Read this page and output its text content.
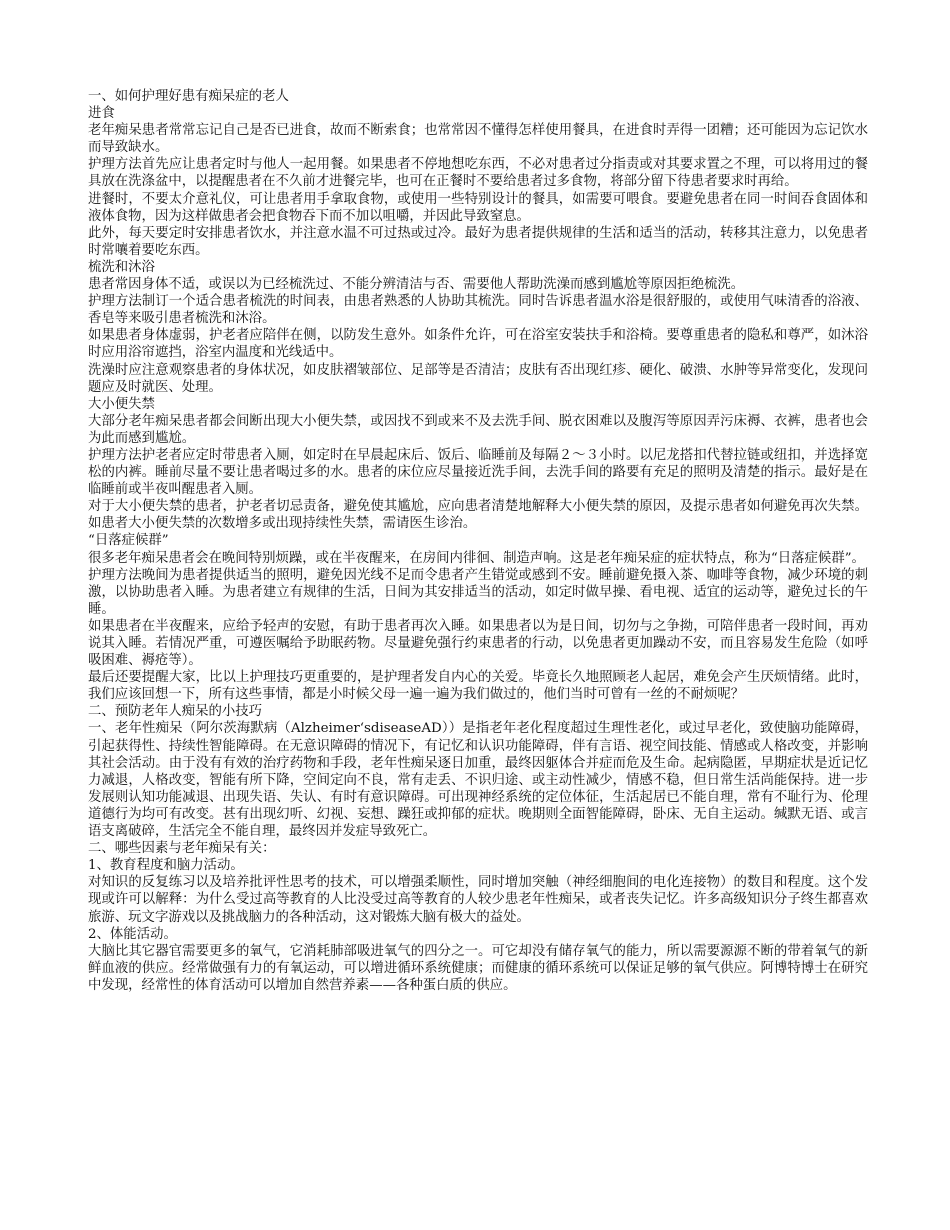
一、如何护理好患有痴呆症的老人
进食

老年痴呆患者常常忘记自己是否已进食，故而不断索食；也常常因不懂得怎样使用餐具，在进食时弄得一团糟；还可能因为忘记饮水而导致缺水。

护理方法首先应让患者定时与他人一起用餐。如果患者不停地想吃东西，不必对患者过分指责或对其要求置之不理，可以将用过的餐具放在洗涤盆中，以提醒患者在不久前才进餐完毕，也可在正餐时不要给患者过多食物，将部分留下待患者要求时再给。

进餐时，不要太介意礼仪，可让患者用手拿取食物，或使用一些特别设计的餐具，如需要可喂食。要避免患者在同一时间吞食固体和液体食物，因为这样做患者会把食物吞下而不加以咀嚼，并因此导致窒息。

此外，每天要定时安排患者饮水，并注意水温不可过热或过冷。最好为患者提供规律的生活和适当的活动，转移其注意力，以免患者时常嚷着要吃东西。

梳洗和沐浴

患者常因身体不适，或误以为已经梳洗过、不能分辨清洁与否、需要他人帮助洗澡而感到尴尬等原因拒绝梳洗。

护理方法制订一个适合患者梳洗的时间表，由患者熟悉的人协助其梳洗。同时告诉患者温水浴是很舒服的，或使用气味清香的浴液、香皂等来吸引患者梳洗和沐浴。

如果患者身体虚弱，护老者应陪伴在侧，以防发生意外。如条件允许，可在浴室安装扶手和浴椅。要尊重患者的隐私和尊严，如沐浴时应用浴帘遮挡，浴室内温度和光线适中。

洗澡时应注意观察患者的身体状况，如皮肤褶皱部位、足部等是否清洁；皮肤有否出现红疹、硬化、破溃、水肿等异常变化，发现问题应及时就医、处理。

大小便失禁

大部分老年痴呆患者都会间断出现大小便失禁，或因找不到或来不及去洗手间、脱衣困难以及腹泻等原因弄污床褥、衣裤，患者也会为此而感到尴尬。

护理方法护老者应定时带患者入厕，如定时在早晨起床后、饭后、临睡前及每隔２～３小时。以尼龙搭扣代替拉链或纽扣，并选择宽松的内裤。睡前尽量不要让患者喝过多的水。患者的床位应尽量接近洗手间，去洗手间的路要有充足的照明及清楚的指示。最好是在临睡前或半夜叫醒患者入厕。

对于大小便失禁的患者，护老者切忌责备，避免使其尴尬，应向患者清楚地解释大小便失禁的原因，及提示患者如何避免再次失禁。如患者大小便失禁的次数增多或出现持续性失禁，需请医生诊治。

“日落症候群”

很多老年痴呆患者会在晚间特别烦躁，或在半夜醒来，在房间内徘徊、制造声响。这是老年痴呆症的症状特点，称为“日落症候群”。

护理方法晚间为患者提供适当的照明，避免因光线不足而令患者产生错觉或感到不安。睡前避免摄入茶、咖啡等食物，减少环境的刺激，以协助患者入睡。为患者建立有规律的生活，日间为其安排适当的活动，如定时做早操、看电视、适宜的运动等，避免过长的午睡。

如果患者在半夜醒来，应给予轻声的安慰，有助于患者再次入睡。如果患者以为是日间，切勿与之争拗，可陪伴患者一段时间，再劝说其入睡。若情况严重，可遵医嘱给予助眠药物。尽量避免强行约束患者的行动，以免患者更加躁动不安，而且容易发生危险（如呼吸困难、褥疮等）。

最后还要提醒大家，比以上护理技巧更重要的，是护理者发自内心的关爱。毕竟长久地照顾老人起居，难免会产生厌烦情绪。此时，我们应该回想一下，所有这些事情，都是小时候父母一遍一遍为我们做过的，他们当时可曾有一丝的不耐烦呢？

二、预防老年人痴呆的小技巧

一、老年性痴呆（阿尔茨海默病（Alzheimer‘sdiseaseAD））是指老年老化程度超过生理性老化，或过早老化，致使脑功能障碍，引起获得性、持续性智能障碍。在无意识障碍的情况下，有记忆和认识功能障碍，伴有言语、视空间技能、情感或人格改变，并影响其社会活动。由于没有有效的治疗药物和手段，老年性痴呆逐日加重，最终因躯体合并症而危及生命。起病隐匿，早期症状是近记忆力减退，人格改变，智能有所下降，空间定向不良，常有走丢、不识归途、或主动性减少，情感不稳，但日常生活尚能保持。进一步发展则认知功能减退、出现失语、失认、有时有意识障碍。可出现神经系统的定位体征，生活起居已不能自理，常有不耻行为、伦理道德行为均可有改变。甚有出现幻听、幻视、妄想、躁狂或抑郁的症状。晚期则全面智能障碍，卧床、无自主运动。缄默无语、或言语支离破碎，生活完全不能自理，最终因并发症导致死亡。

二、哪些因素与老年痴呆有关：

1、教育程度和脑力活动。

对知识的反复练习以及培养批评性思考的技术，可以增强柔顺性，同时增加突触（神经细胞间的电化连接物）的数目和程度。这个发现或许可以解释：为什么受过高等教育的人比没受过高等教育的人较少患老年性痴呆，或者丧失记忆。许多高级知识分子终生都喜欢旅游、玩文字游戏以及挑战脑力的各种活动，这对锻炼大脑有极大的益处。

2、体能活动。

大脑比其它器官需要更多的氧气，它消耗肺部吸进氧气的四分之一。可它却没有储存氧气的能力，所以需要源源不断的带着氧气的新鲜血液的供应。经常做强有力的有氧运动，可以增进循环系统健康；而健康的循环系统可以保证足够的氧气供应。阿博特博士在研究中发现，经常性的体育活动可以增加自然营养素——各种蛋白质的供应。
